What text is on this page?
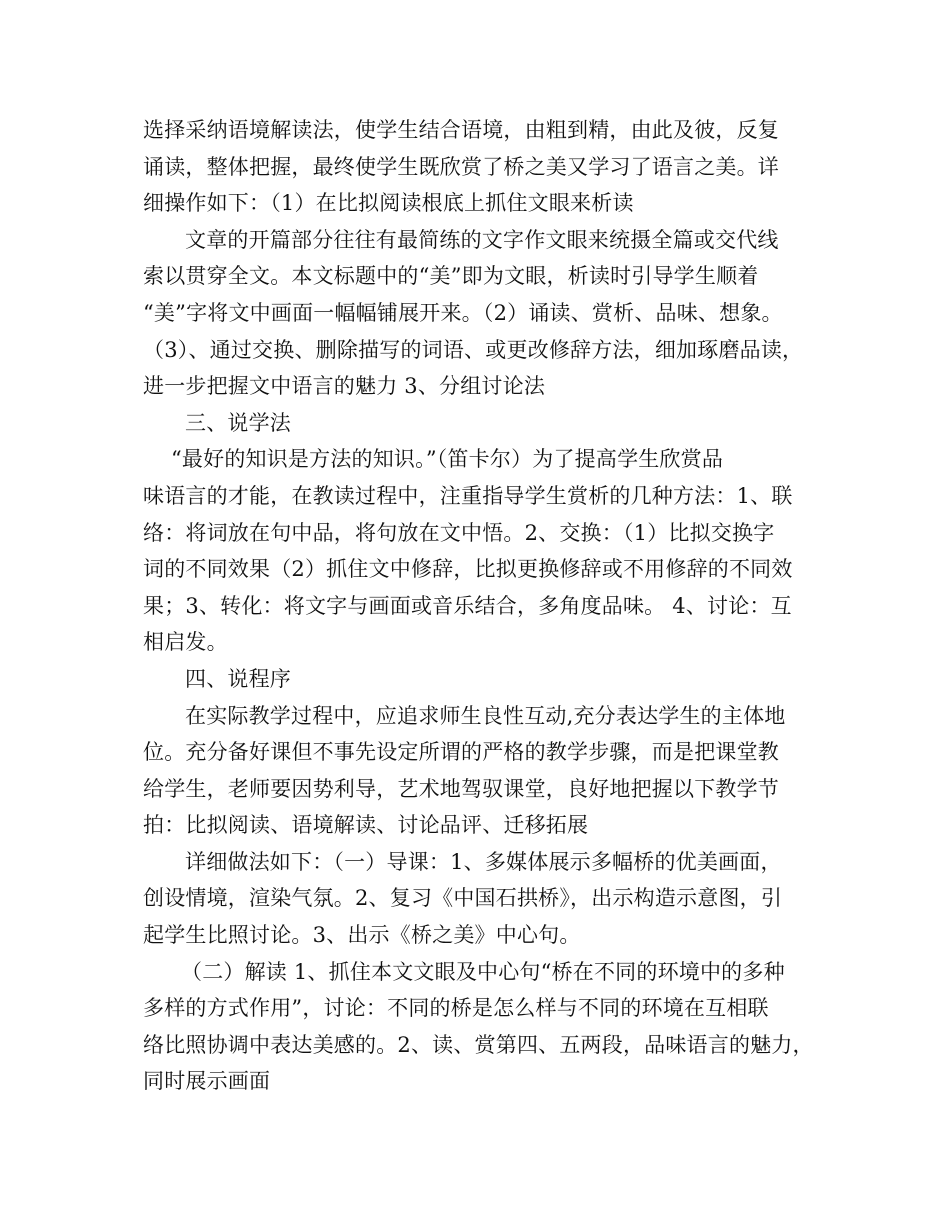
选择采纳语境解读法，使学生结合语境，由粗到精，由此及彼，反复
诵读，整体把握，最终使学生既欣赏了桥之美又学习了语言之美。详
细操作如下：（1）在比拟阅读根底上抓住文眼来析读
文章的开篇部分往往有最简练的文字作文眼来统摄全篇或交代线
索以贯穿全文。本文标题中的“美”即为文眼，析读时引导学生顺着
“美”字将文中画面一幅幅铺展开来。（2）诵读、赏析、品味、想象。
（3）、通过交换、删除描写的词语、或更改修辞方法，细加琢磨品读，
进一步把握文中语言的魅力 3、分组讨论法
三、说学法
“最好的知识是方法的知识。”（笛卡尔）为了提高学生欣赏品
味语言的才能，在教读过程中，注重指导学生赏析的几种方法：1、联
络：将词放在句中品，将句放在文中悟。2、交换：（1）比拟交换字
词的不同效果（2）抓住文中修辞，比拟更换修辞或不用修辞的不同效
果；3、转化：将文字与画面或音乐结合，多角度品味。 4、讨论：互
相启发。
四、说程序
在实际教学过程中，应追求师生良性互动,充分表达学生的主体地
位。充分备好课但不事先设定所谓的严格的教学步骤，而是把课堂教
给学生，老师要因势利导，艺术地驾驭课堂，良好地把握以下教学节
拍：比拟阅读、语境解读、讨论品评、迁移拓展
详细做法如下：（一）导课：1、多媒体展示多幅桥的优美画面，
创设情境，渲染气氛。2、复习《中国石拱桥》，出示构造示意图，引
起学生比照讨论。3、出示《桥之美》中心句。
（二）解读 1、抓住本文文眼及中心句“桥在不同的环境中的多种
多样的方式作用”，讨论：不同的桥是怎么样与不同的环境在互相联
络比照协调中表达美感的。2、读、赏第四、五两段，品味语言的魅力，
同时展示画面
